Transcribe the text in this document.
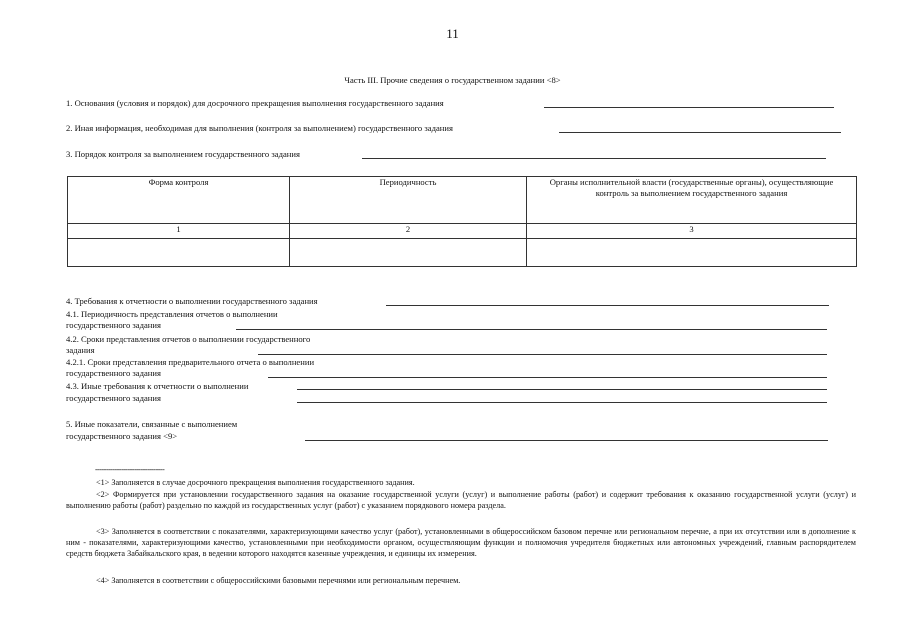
11
Часть III. Прочие сведения о государственном задании <8>
1. Основания (условия и порядок) для досрочного прекращения выполнения государственного задания
2. Иная информация, необходимая для выполнения (контроля за выполнением) государственного задания
3. Порядок контроля за выполнением государственного задания
Форма контроля	Периодичность	Органы исполнительной власти (государственные органы), осуществляющие контроль за выполнением государственного задания
1	2	3

4. Требования к отчетности о выполнении государственного задания
4.1. Периодичность представления отчетов о выполнении
государственного задания
4.2. Сроки представления отчетов о выполнении государственного
задания
4.2.1. Сроки представления предварительного отчета о выполнении
государственного задания
4.3. Иные требования к отчетности о выполнении
государственного задания
5. Иные показатели, связанные с выполнением
государственного задания <9>
--------------------------------
<1> Заполняется в случае досрочного прекращения выполнения государственного задания.
<2> Формируется при установлении государственного задания на оказание государственной услуги (услуг) и выполнение работы (работ) и содержит требования к оказанию государственной услуги (услуг) и выполнению работы (работ) раздельно по каждой из государственных услуг (работ) с указанием порядкового номера раздела.
<3> Заполняется в соответствии с показателями, характеризующими качество услуг (работ), установленными в общероссийском базовом перечне или региональном перечне, а при их отсутствии или в дополнение к ним - показателями, характеризующими качество, установленными при необходимости органом, осуществляющим функции и полномочия учредителя бюджетных или автономных учреждений, главным распорядителем средств бюджета Забайкальского края, в ведении которого находятся казенные учреждения, и единицы их измерения.
<4> Заполняется в соответствии с общероссийскими базовыми перечнями или региональным перечнем.
